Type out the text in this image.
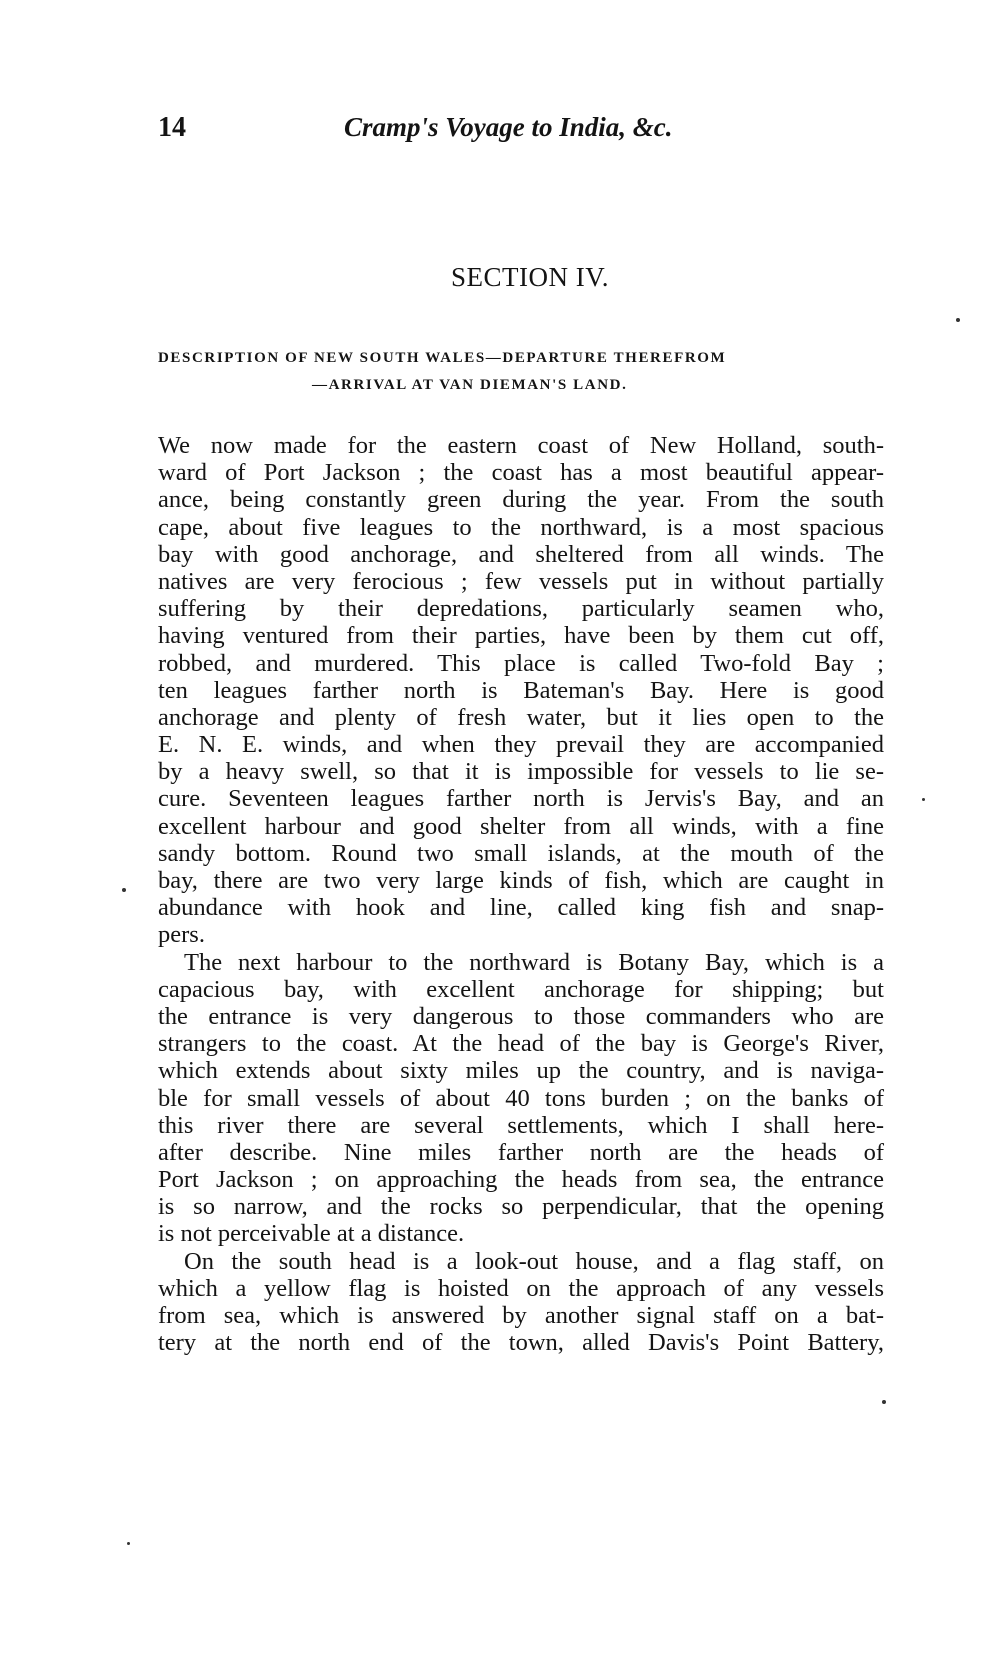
14	Cramp's Voyage to India, &c.
SECTION IV.
DESCRIPTION OF NEW SOUTH WALES—DEPARTURE THEREFROM
—ARRIVAL AT VAN DIEMAN'S LAND.
We now made for the eastern coast of New Holland, south-
ward of Port Jackson ; the coast has a most beautiful appear-
ance, being constantly green during the year. From the south
cape, about five leagues to the northward, is a most spacious
bay with good anchorage, and sheltered from all winds. The
natives are very ferocious ; few vessels put in without partially
suffering by their depredations, particularly seamen who,
having ventured from their parties, have been by them cut off,
robbed, and murdered. This place is called Two-fold Bay ;
ten leagues farther north is Bateman's Bay. Here is good
anchorage and plenty of fresh water, but it lies open to the
E. N. E. winds, and when they prevail they are accompanied
by a heavy swell, so that it is impossible for vessels to lie se-
cure. Seventeen leagues farther north is Jervis's Bay, and an
excellent harbour and good shelter from all winds, with a fine
sandy bottom. Round two small islands, at the mouth of the
bay, there are two very large kinds of fish, which are caught in
abundance with hook and line, called king fish and snap-
pers.
The next harbour to the northward is Botany Bay, which is a
capacious bay, with excellent anchorage for shipping; but
the entrance is very dangerous to those commanders who are
strangers to the coast. At the head of the bay is George's River,
which extends about sixty miles up the country, and is naviga-
ble for small vessels of about 40 tons burden ; on the banks of
this river there are several settlements, which I shall here-
after describe. Nine miles farther north are the heads of
Port Jackson ; on approaching the heads from sea, the entrance
is so narrow, and the rocks so perpendicular, that the opening
is not perceivable at a distance.
On the south head is a look-out house, and a flag staff, on
which a yellow flag is hoisted on the approach of any vessels
from sea, which is answered by another signal staff on a bat-
tery at the north end of the town, alled Davis's Point Battery,
